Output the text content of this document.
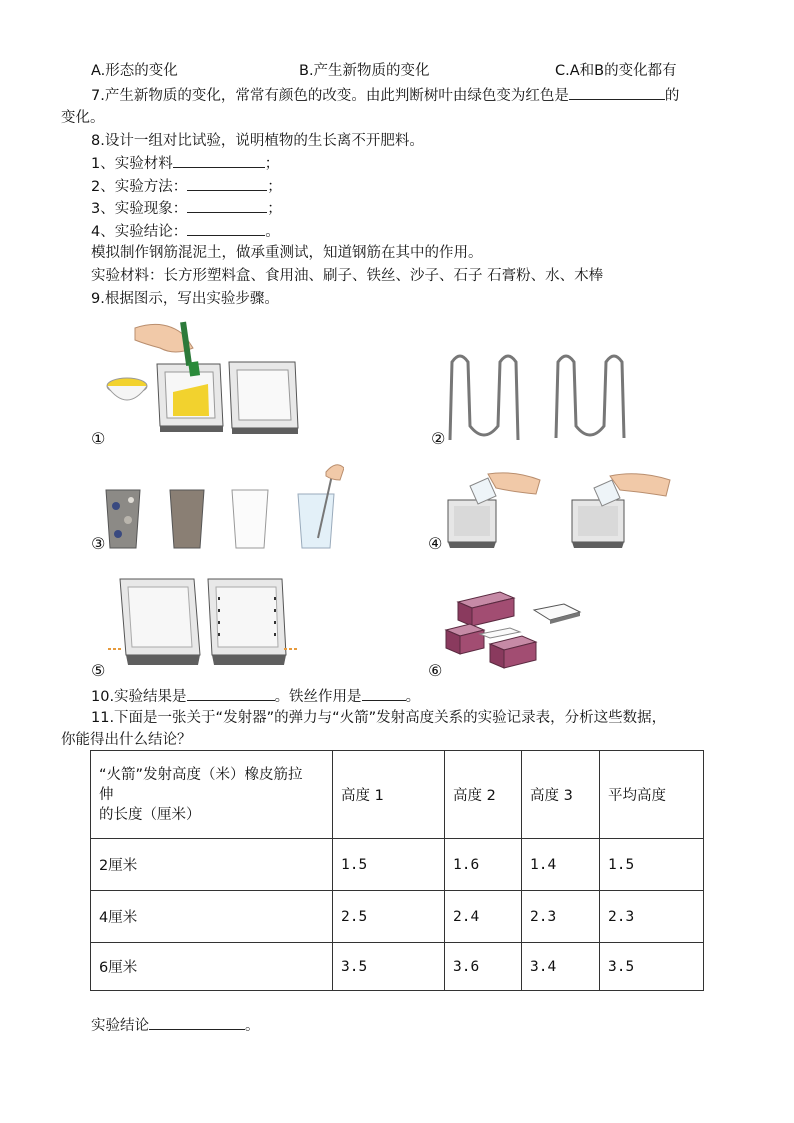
A.形态的变化	B.产生新物质的变化	C.A和B的变化都有
7.产生新物质的变化，常常有颜色的改变。由此判断树叶由绿色变为红色是	的
变化。
8.设计一组对比试验，说明植物的生长离不开肥料。
1、实验材料	；
2、实验方法：	；
3、实验现象：	；
4、实验结论：	。
模拟制作钢筋混泥土，做承重测试，知道钢筋在其中的作用。
实验材料：长方形塑料盒、食用油、刷子、铁丝、沙子、石子 石膏粉、水、木棒
9.根据图示，写出实验步骤。
①	②
③	④
⑤	⑥
10.实验结果是	。铁丝作用是	。
11.下面是一张关于“发射器”的弹力与“火箭”发射高度关系的实验记录表，分析这些数据，
你能得出什么结论？
“火箭”发射高度（米）橡皮筋拉
伸
的长度（厘米）	高度 1	高度 2	高度 3	平均高度
2厘米	1.5	1.6	1.4	1.5
4厘米	2.5	2.4	2.3	2.3
6厘米	3.5	3.6	3.4	3.5
实验结论	。
